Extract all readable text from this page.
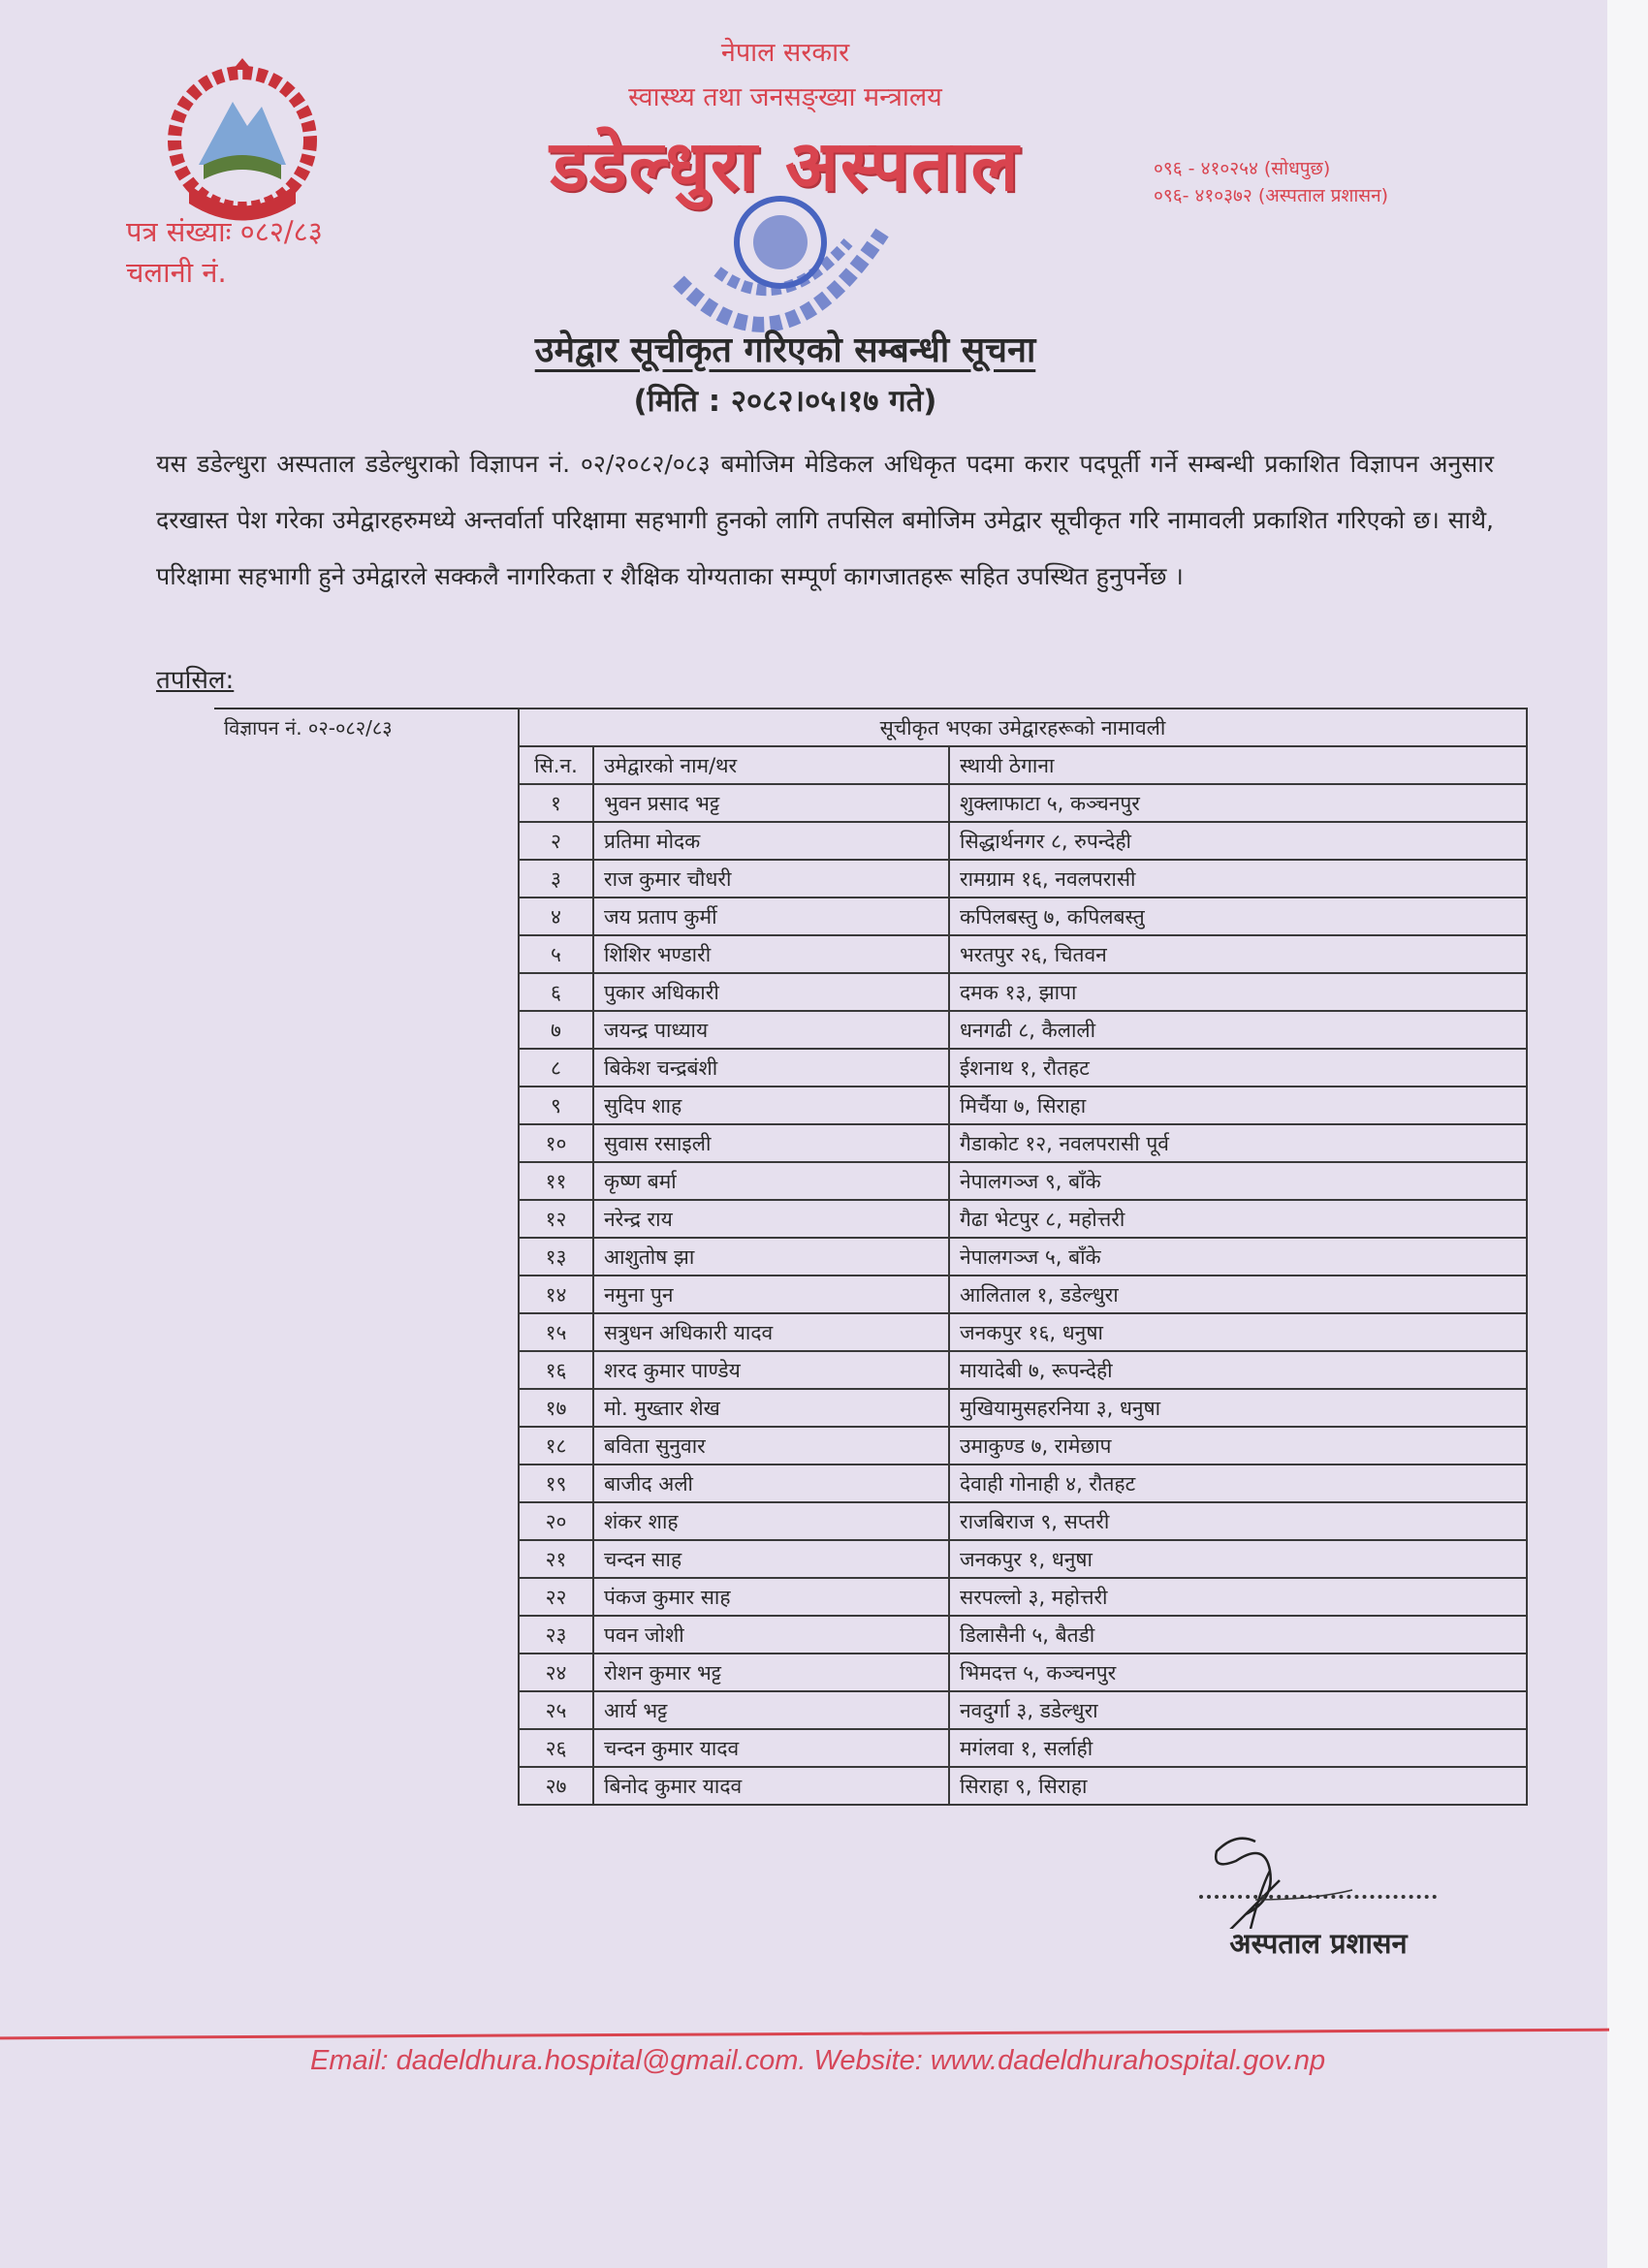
नेपाल सरकार
स्वास्थ्य तथा जनसङ्ख्या मन्त्रालय
डडेल्धुरा अस्पताल	०९६ - ४१०२५४ (सोधपुछ)
०९६- ४१०३७२ (अस्पताल प्रशासन)
पत्र संख्याः ०८२/८३
चलानी नं.
उमेद्वार सूचीकृत गरिएको सम्बन्धी सूचना
(मिति : २०८२।०५।१७ गते)
यस डडेल्धुरा अस्पताल डडेल्धुराको विज्ञापन नं. ०२/२०८२/०८३ बमोजिम मेडिकल अधिकृत पदमा करार पदपूर्ती गर्ने सम्बन्धी प्रकाशित विज्ञापन अनुसार दरखास्त पेश गरेका उमेद्वारहरुमध्ये अन्तर्वार्ता परिक्षामा सहभागी हुनको लागि तपसिल बमोजिम उमेद्वार सूचीकृत गरि नामावली प्रकाशित गरिएको छ। साथै, परिक्षामा सहभागी हुने उमेद्वारले सक्कलै नागरिकता र शैक्षिक योग्यताका सम्पूर्ण कागजातहरू सहित उपस्थित हुनुपर्नेछ ।
तपसिल:
विज्ञापन नं. ०२-०८२/८३	सूचीकृत भएका उमेद्वारहरूको नामावली		
सि.न.	उमेद्वारको नाम/थर	स्थायी ठेगाना
१	भुवन प्रसाद भट्ट	शुक्लाफाटा ५, कञ्चनपुर
२	प्रतिमा मोदक	सिद्धार्थनगर ८, रुपन्देही
३	राज कुमार चौधरी	रामग्राम १६, नवलपरासी
४	जय प्रताप कुर्मी	कपिलबस्तु ७, कपिलबस्तु
५	शिशिर भण्डारी	भरतपुर २६, चितवन
६	पुकार अधिकारी	दमक १३, झापा
७	जयन्द्र पाध्याय	धनगढी ८, कैलाली
८	बिकेश चन्द्रबंशी	ईशनाथ १, रौतहट
९	सुदिप शाह	मिर्चैया ७, सिराहा
१०	सुवास रसाइली	गैडाकोट १२, नवलपरासी पूर्व
११	कृष्ण बर्मा	नेपालगञ्ज ९, बाँके
१२	नरेन्द्र राय	गैढा भेटपुर ८, महोत्तरी
१३	आशुतोष झा	नेपालगञ्ज ५, बाँके
१४	नमुना पुन	आलिताल १, डडेल्धुरा
१५	सत्रुधन अधिकारी यादव	जनकपुर १६, धनुषा
१६	शरद कुमार पाण्डेय	मायादेबी ७, रूपन्देही
१७	मो. मुख्तार शेख	मुखियामुसहरनिया ३, धनुषा
१८	बविता सुनुवार	उमाकुण्ड ७, रामेछाप
१९	बाजीद अली	देवाही गोनाही ४, रौतहट
२०	शंकर शाह	राजबिराज ९, सप्तरी
२१	चन्दन साह	जनकपुर १, धनुषा
२२	पंकज कुमार साह	सरपल्लो ३, महोत्तरी
२३	पवन जोशी	डिलासैनी ५, बैतडी
२४	रोशन कुमार भट्ट	भिमदत्त ५, कञ्चनपुर
२५	आर्य भट्ट	नवदुर्गा ३, डडेल्धुरा
२६	चन्दन कुमार यादव	मगंलवा १, सर्लाही
२७	बिनोद कुमार यादव	सिराहा ९, सिराहा
अस्पताल प्रशासन
Email: dadeldhura.hospital@gmail.com. Website: www.dadeldhurahospital.gov.np
